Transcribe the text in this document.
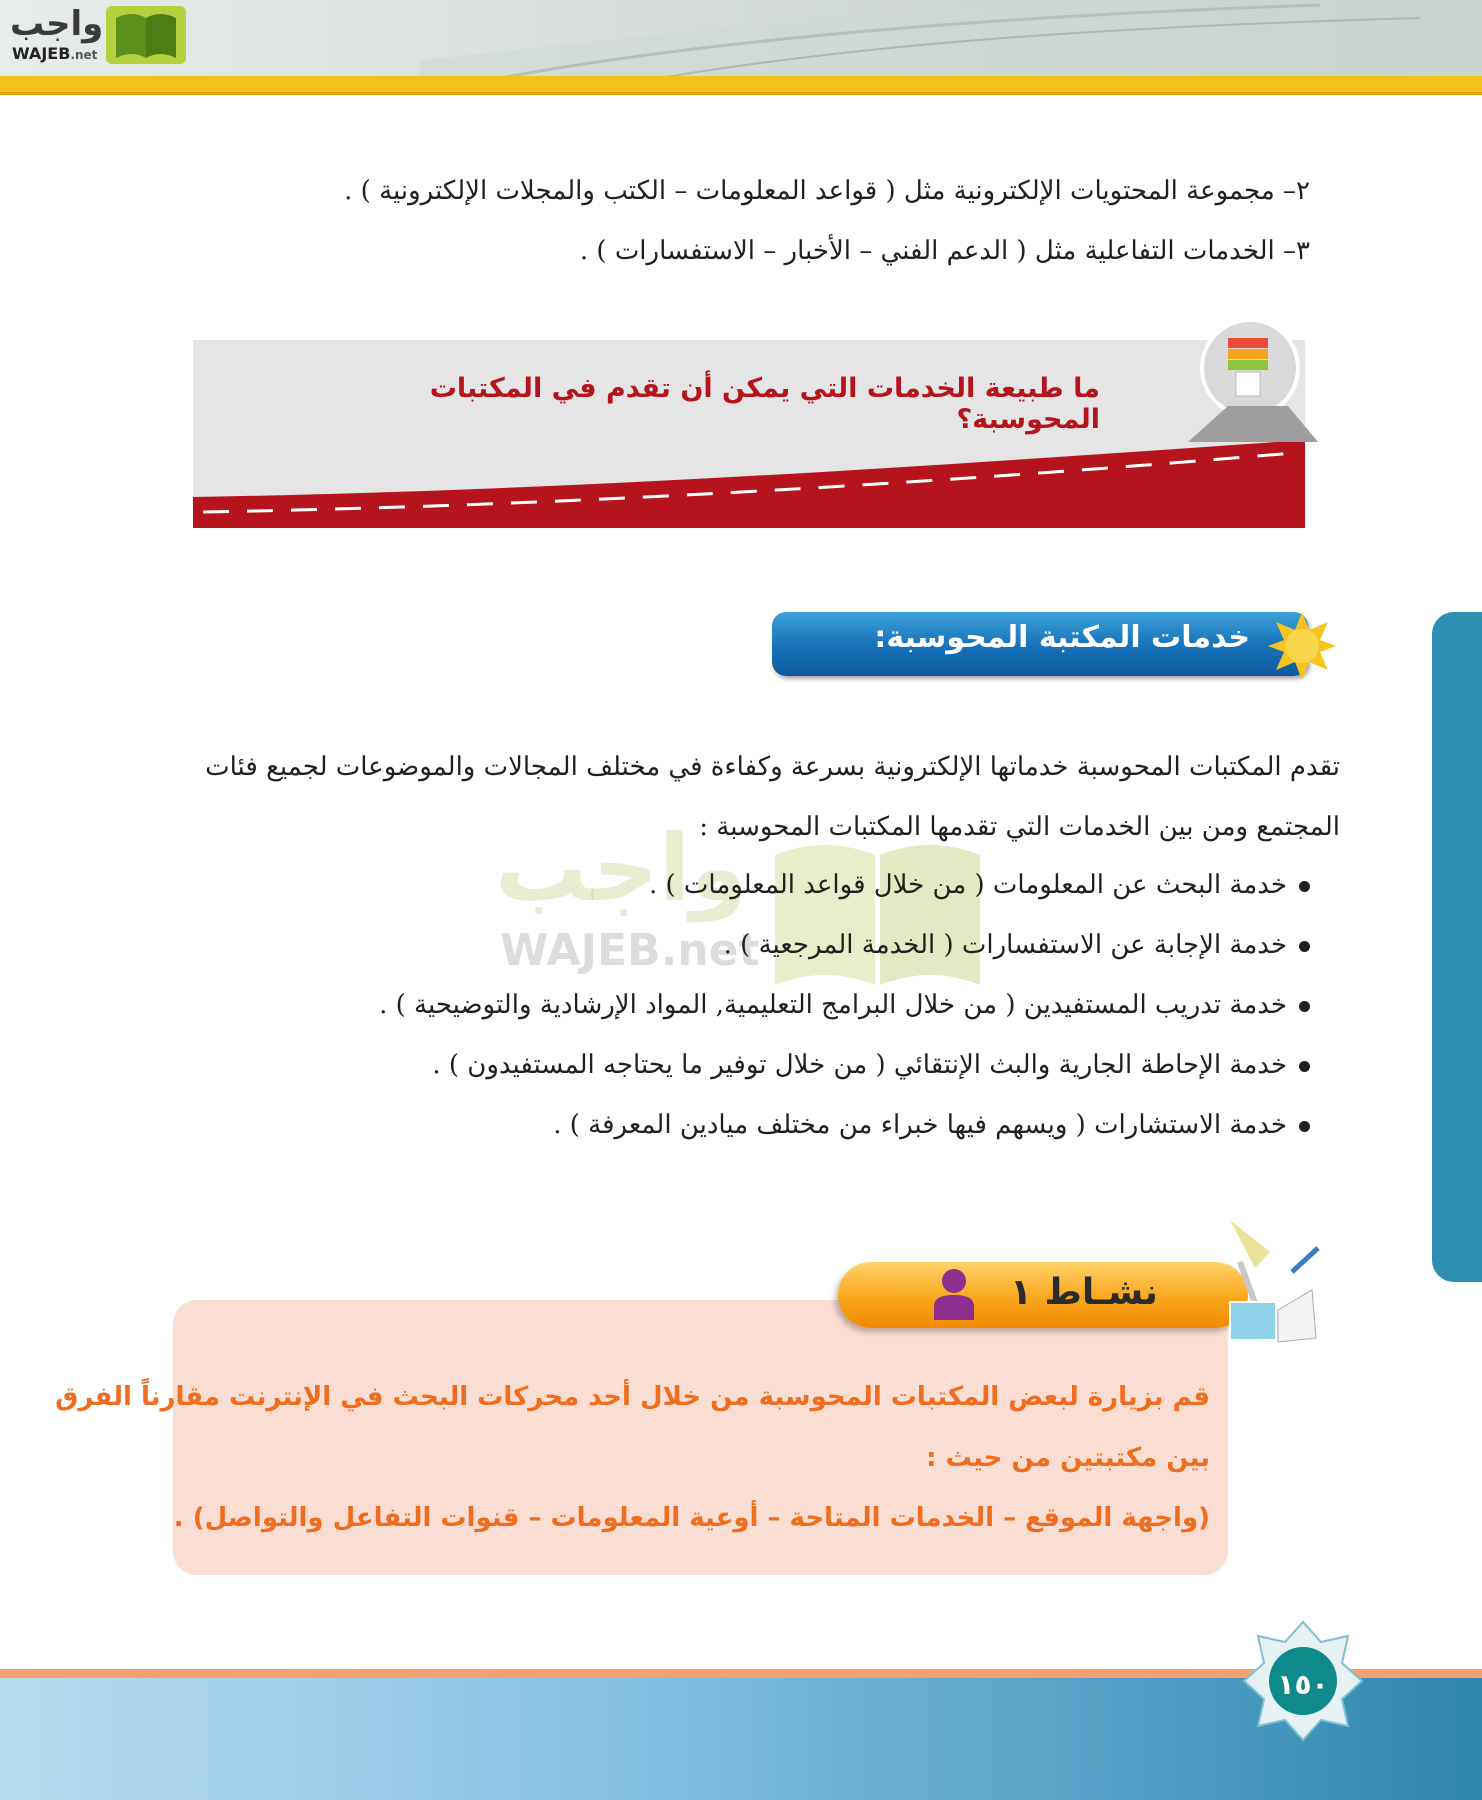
واجب
WAJEB.net
٢– مجموعة المحتويات الإلكترونية مثل ( قواعد المعلومات – الكتب والمجلات الإلكترونية ) .
٣– الخدمات التفاعلية مثل ( الدعم الفني – الأخبار – الاستفسارات ) .
ما طبيعة الخدمات التي يمكن أن تقدم في المكتبات المحوسبة؟
خدمات المكتبة المحوسبة:
تقدم المكتبات المحوسبة خدماتها الإلكترونية بسرعة وكفاءة في مختلف المجالات والموضوعات لجميع فئات
المجتمع ومن بين الخدمات التي تقدمها المكتبات المحوسبة :
واجب
WAJEB.net
خدمة البحث عن المعلومات ( من خلال قواعد المعلومات ) .
خدمة الإجابة عن الاستفسارات ( الخدمة المرجعية ) .
خدمة تدريب المستفيدين ( من خلال البرامج التعليمية, المواد الإرشادية والتوضيحية ) .
خدمة الإحاطة الجارية والبث الإنتقائي ( من خلال توفير ما يحتاجه المستفيدون ) .
خدمة الاستشارات ( ويسهم فيها خبراء من مختلف ميادين المعرفة ) .
نشـاط ١
قم بزيارة لبعض المكتبات المحوسبة من خلال أحد محركات البحث في الإنترنت مقارناً الفرق
بين مكتبتين من حيث :
(واجهة الموقع – الخدمات المتاحة – أوعية المعلومات – قنوات التفاعل والتواصل) .
١٥٠
